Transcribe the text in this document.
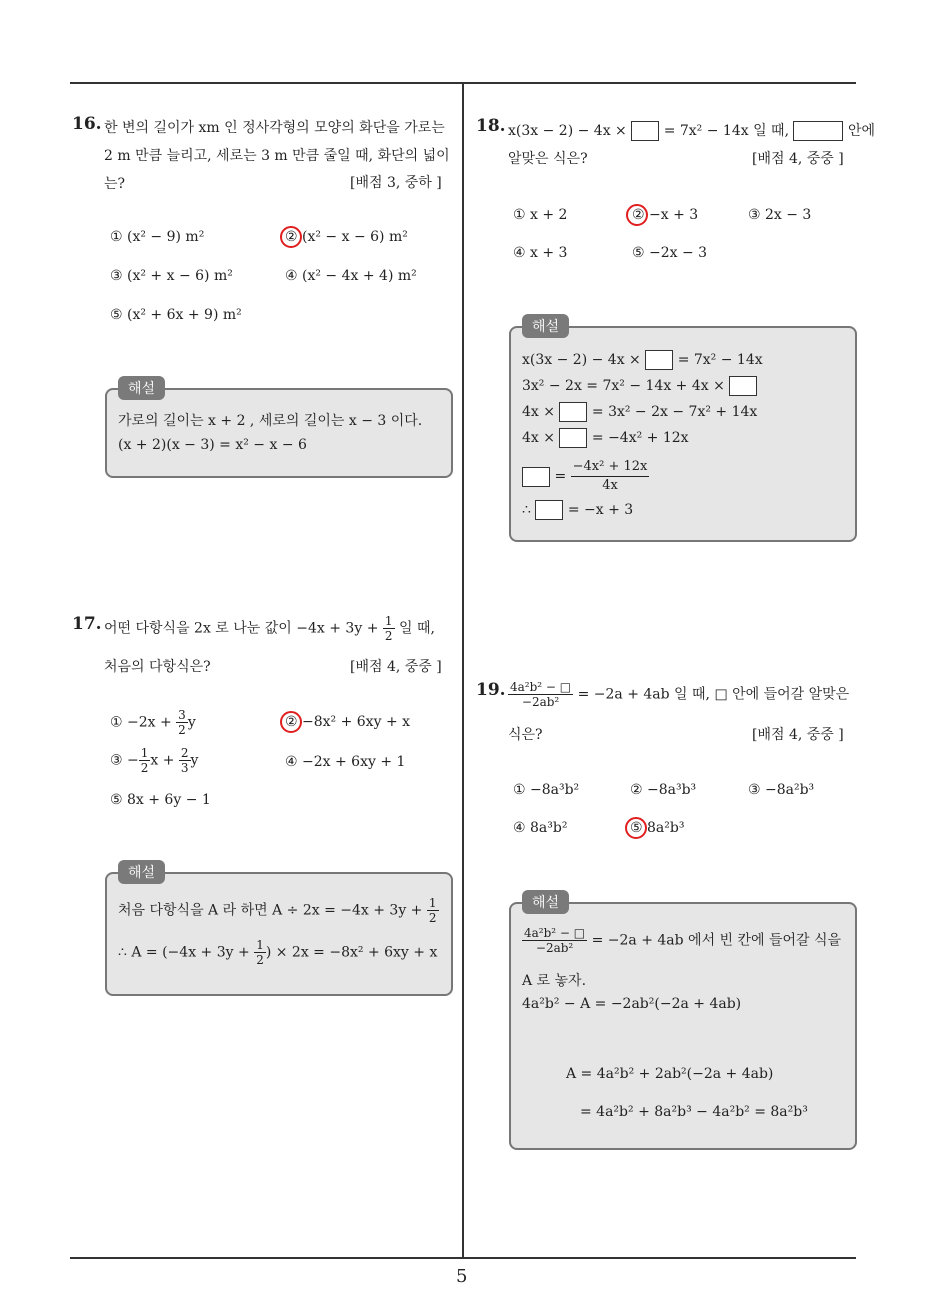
5
16. 한 변의 길이가 xm 인 정사각형의 모양의 화단을 가로는 2 m 만큼 늘리고, 세로는 3 m 만큼 줄일 때, 화단의 넓이는?	[배점 3, 중하 ]
① (x² − 9) m²	② (x² − x − 6) m²
③ (x² + x − 6) m²	④ (x² − 4x + 4) m²
⑤ (x² + 6x + 9) m²
해설
가로의 길이는 x + 2 , 세로의 길이는 x − 3 이다.
(x + 2)(x − 3) = x² − x − 6
17. 어떤 다항식을 2x 로 나눈 값이 $-4x + 3y + \frac{1}{2}$ 일 때,
처음의 다항식은?	[배점 4, 중중 ]
① $-2x + \frac{3}{2}$ y	② −8x² + 6xy + x
③ − $\frac{1}{2}$ $x + \frac{2}{3}$ y	④ −2x + 6xy + 1
⑤ 8x + 6y − 1
해설
처음 다항식을 A 라 하면 $A \div 2x = -4x + 3y + \frac{1}{2}$
∴ $A = (-4x + 3y + \frac{1}{2}$ ) × 2x = −8x² + 6xy + x
18. x(3x − 2) − 4x ×	= 7x² − 14x 일 때,	안에
알맞은 식은?	[배점 4, 중중 ]
① x + 2	② −x + 3	③ 2x − 3
④ x + 3	⑤ −2x − 3
해설
x(3x − 2) − 4x ×	= 7x² − 14x
3x² − 2x = 7x² − 14x + 4x ×
4x ×	= 3x² − 2x − 7x² + 14x
4x ×	= −4x² + 12x
= $\frac{\text{−4x² + 12x}}{4x}$
∴	= −x + 3
19. $\frac{\text{4a²b² − □}}{\text{−2ab²}} = -2a + 4ab$ 일 때, □ 안에 들어갈 알맞은
식은?	[배점 4, 중중 ]
① −8a³b²	② −8a³b³	③ −8a²b³
④ 8a³b²	⑤ 8a²b³
해설
$\frac{\text{4a²b² − □}}{\text{−2ab²}} = -2a + 4ab$ 에서 빈 칸에 들어갈 식을
A 로 놓자.
4a²b² − A = −2ab²(−2a + 4ab)
A = 4a²b² + 2ab²(−2a + 4ab)
= 4a²b² + 8a²b³ − 4a²b² = 8a²b³
